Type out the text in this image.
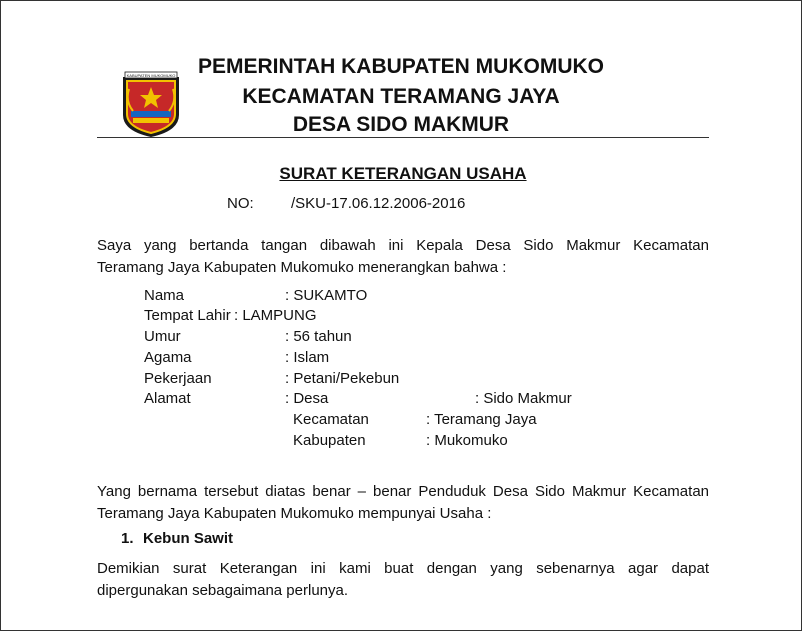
KABUPATEN MUKOMUKO	PEMERINTAH KABUPATEN MUKOMUKO
KECAMATAN TERAMANG JAYA
DESA SIDO MAKMUR
SURAT KETERANGAN USAHA
NO: /SKU-17.06.12.2006-2016
Saya yang bertanda tangan dibawah ini Kepala Desa Sido Makmur Kecamatan
Teramang Jaya Kabupaten Mukomuko menerangkan bahwa :
Nama	: SUKAMTO
Tempat Lahir : LAMPUNG
Umur	: 56 tahun
Agama	: Islam
Pekerjaan	: Petani/Pekebun
Alamat	: Desa	: Sido Makmur
Kecamatan	: Teramang Jaya
Kabupaten	: Mukomuko
Yang bernama tersebut diatas benar – benar Penduduk Desa Sido Makmur Kecamatan
Teramang Jaya Kabupaten Mukomuko mempunyai Usaha :
1. Kebun Sawit
Demikian surat Keterangan ini kami buat dengan yang sebenarnya agar dapat
dipergunakan sebagaimana perlunya.
